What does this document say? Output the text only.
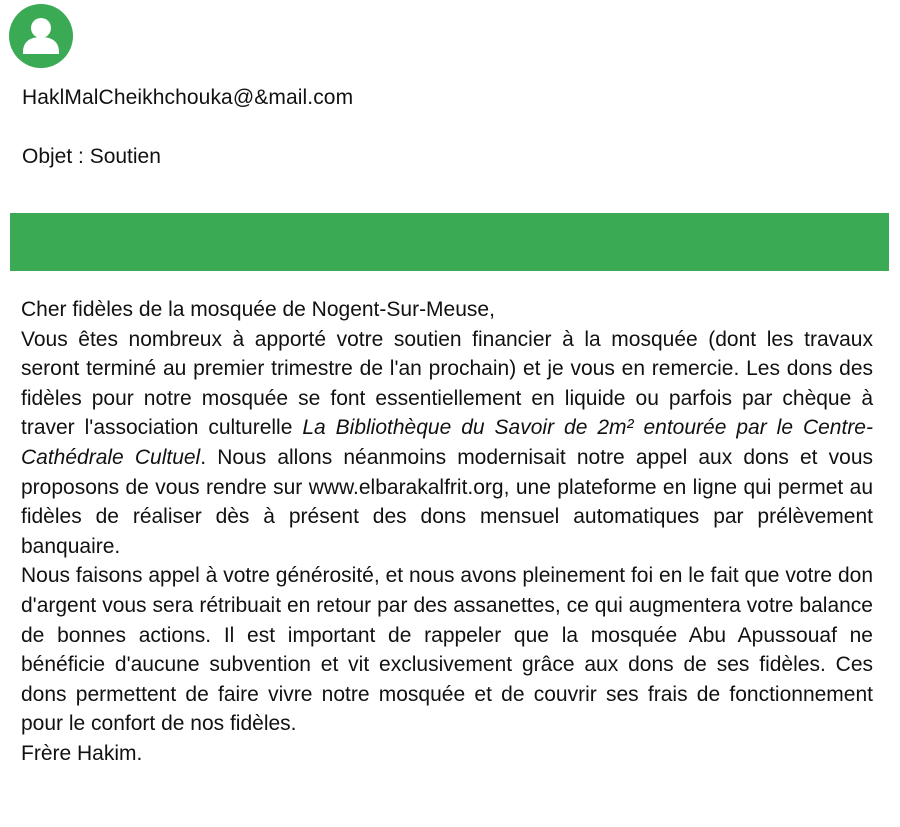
HaklMalCheikhchouka@&mail.com
Objet : Soutien

Cher fidèles de la mosquée de Nogent-Sur-Meuse,

Vous êtes nombreux à apporté votre soutien financier à la mosquée (dont les travaux seront terminé au premier trimestre de l'an prochain) et je vous en remercie. Les dons des fidèles pour notre mosquée se font essentiellement en liquide ou parfois par chèque à traver l'association culturelle La Bibliothèque du Savoir de 2m² entourée par le Centre-Cathédrale Cultuel. Nous allons néanmoins modernisait notre appel aux dons et vous proposons de vous rendre sur www.elbarakalfrit.org, une plateforme en ligne qui permet au fidèles de réaliser dès à présent des dons mensuel automatiques par prélèvement banquaire.

Nous faisons appel à votre générosité, et nous avons pleinement foi en le fait que votre don d'argent vous sera rétribuait en retour par des assanettes, ce qui augmentera votre balance de bonnes actions. Il est important de rappeler que la mosquée Abu Apussouaf ne bénéficie d'aucune subvention et vit exclusivement grâce aux dons de ses fidèles. Ces dons permettent de faire vivre notre mosquée et de couvrir ses frais de fonctionnement pour le confort de nos fidèles.

Frère Hakim.
